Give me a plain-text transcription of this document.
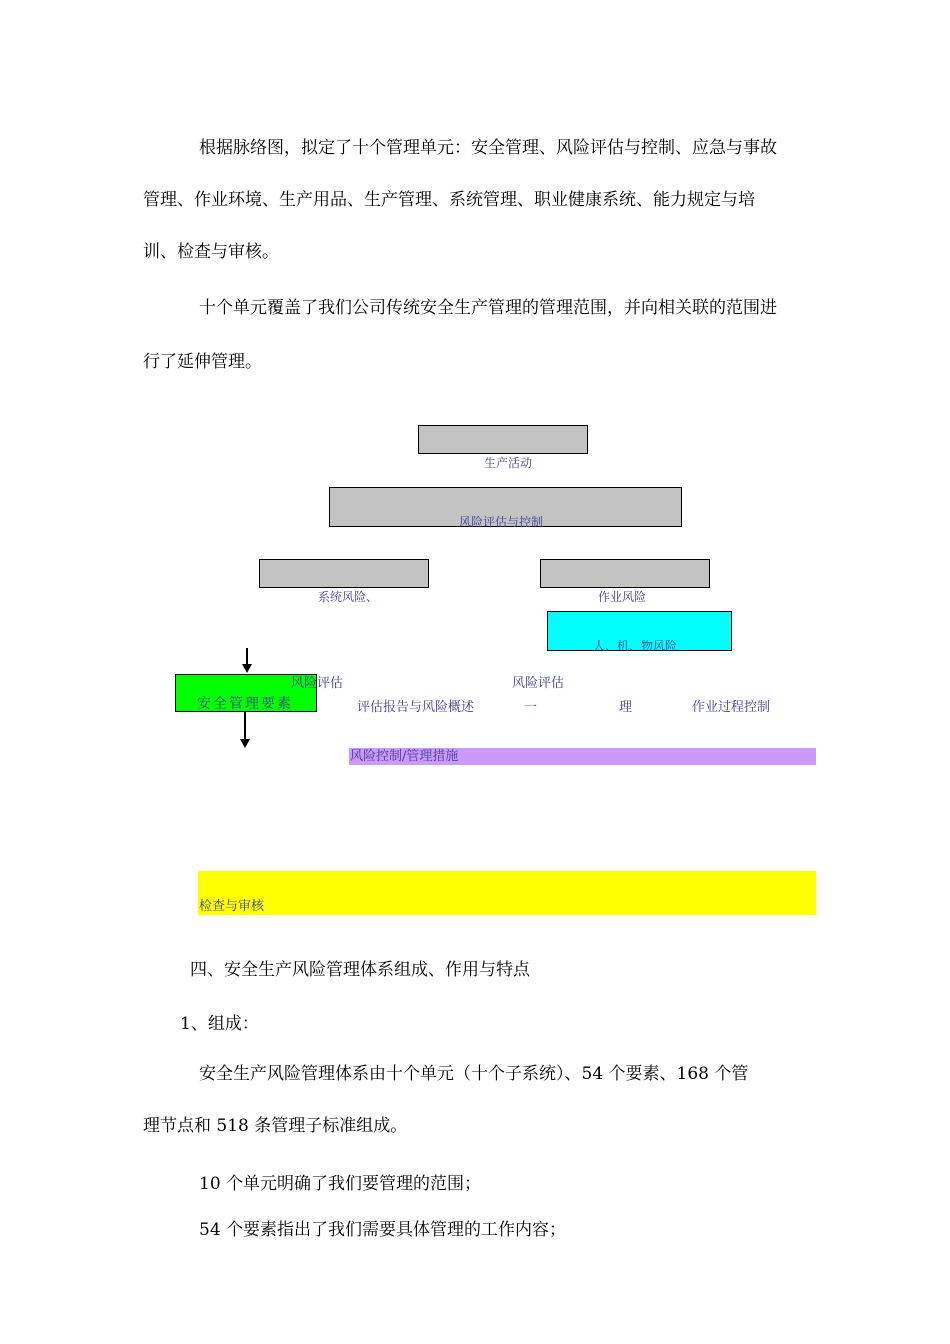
根据脉络图，拟定了十个管理单元：安全管理、风险评估与控制、应急与事故
管理、作业环境、生产用品、生产管理、系统管理、职业健康系统、能力规定与培
训、检查与审核。
十个单元覆盖了我们公司传统安全生产管理的管理范围，并向相关联的范围进
行了延伸管理。
生产活动
风险评估与控制
系统风险、	作业风险
人、机、物风险
安全管理要素
风险评估	风险评估
评估报告与风险概述	一	理	作业过程控制
风险控制/管理措施
检查与审核
四、安全生产风险管理体系组成、作用与特点
1、组成：
安全生产风险管理体系由十个单元（十个子系统）、54 个要素、168 个管
理节点和 518 条管理子标准组成。
10 个单元明确了我们要管理的范围；
54 个要素指出了我们需要具体管理的工作内容；
